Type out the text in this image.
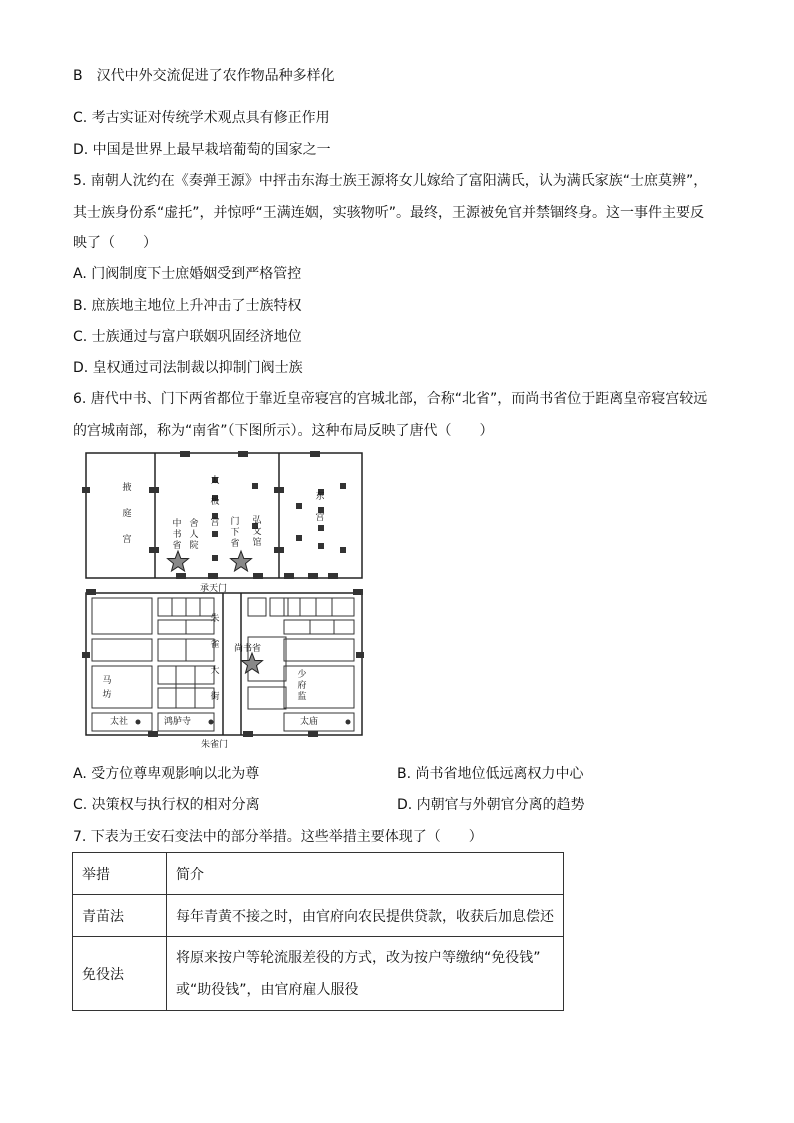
B　汉代中外交流促进了农作物品种多样化
C. 考古实证对传统学术观点具有修正作用
D. 中国是世界上最早栽培葡萄的国家之一
5. 南朝人沈约在《奏弹王源》中抨击东海士族王源将女儿嫁给了富阳满氏，认为满氏家族“士庶莫辨”，
其士族身份系“虚托”，并惊呼“王满连姻，实骇物听”。最终，王源被免官并禁锢终身。这一事件主要反
映了（　　）
A. 门阀制度下士庶婚姻受到严格管控
B. 庶族地主地位上升冲击了士族特权
C. 士族通过与富户联姻巩固经济地位
D. 皇权通过司法制裁以抑制门阀士族
6. 唐代中书、门下两省都位于靠近皇帝寝宫的宫城北部，合称“北省”，而尚书省位于距离皇帝寝宫较远
的宫城南部，称为“南省”（下图所示）。这种布局反映了唐代（　　）
掖庭宫
太极宫
东宫
中书省
舍人院
门下省
弘文馆
承天门
朱雀大街
尚书省
马坊
少府监
太社	鸿胪寺	太庙
朱雀门
A. 受方位尊卑观影响以北为尊	B. 尚书省地位低远离权力中心
C. 决策权与执行权的相对分离	D. 内朝官与外朝官分离的趋势
7. 下表为王安石变法中的部分举措。这些举措主要体现了（　　）
举措	简介
青苗法	每年青黄不接之时，由官府向农民提供贷款，收获后加息偿还
免役法	将原来按户等轮流服差役的方式，改为按户等缴纳“免役钱”
或“助役钱”，由官府雇人服役
